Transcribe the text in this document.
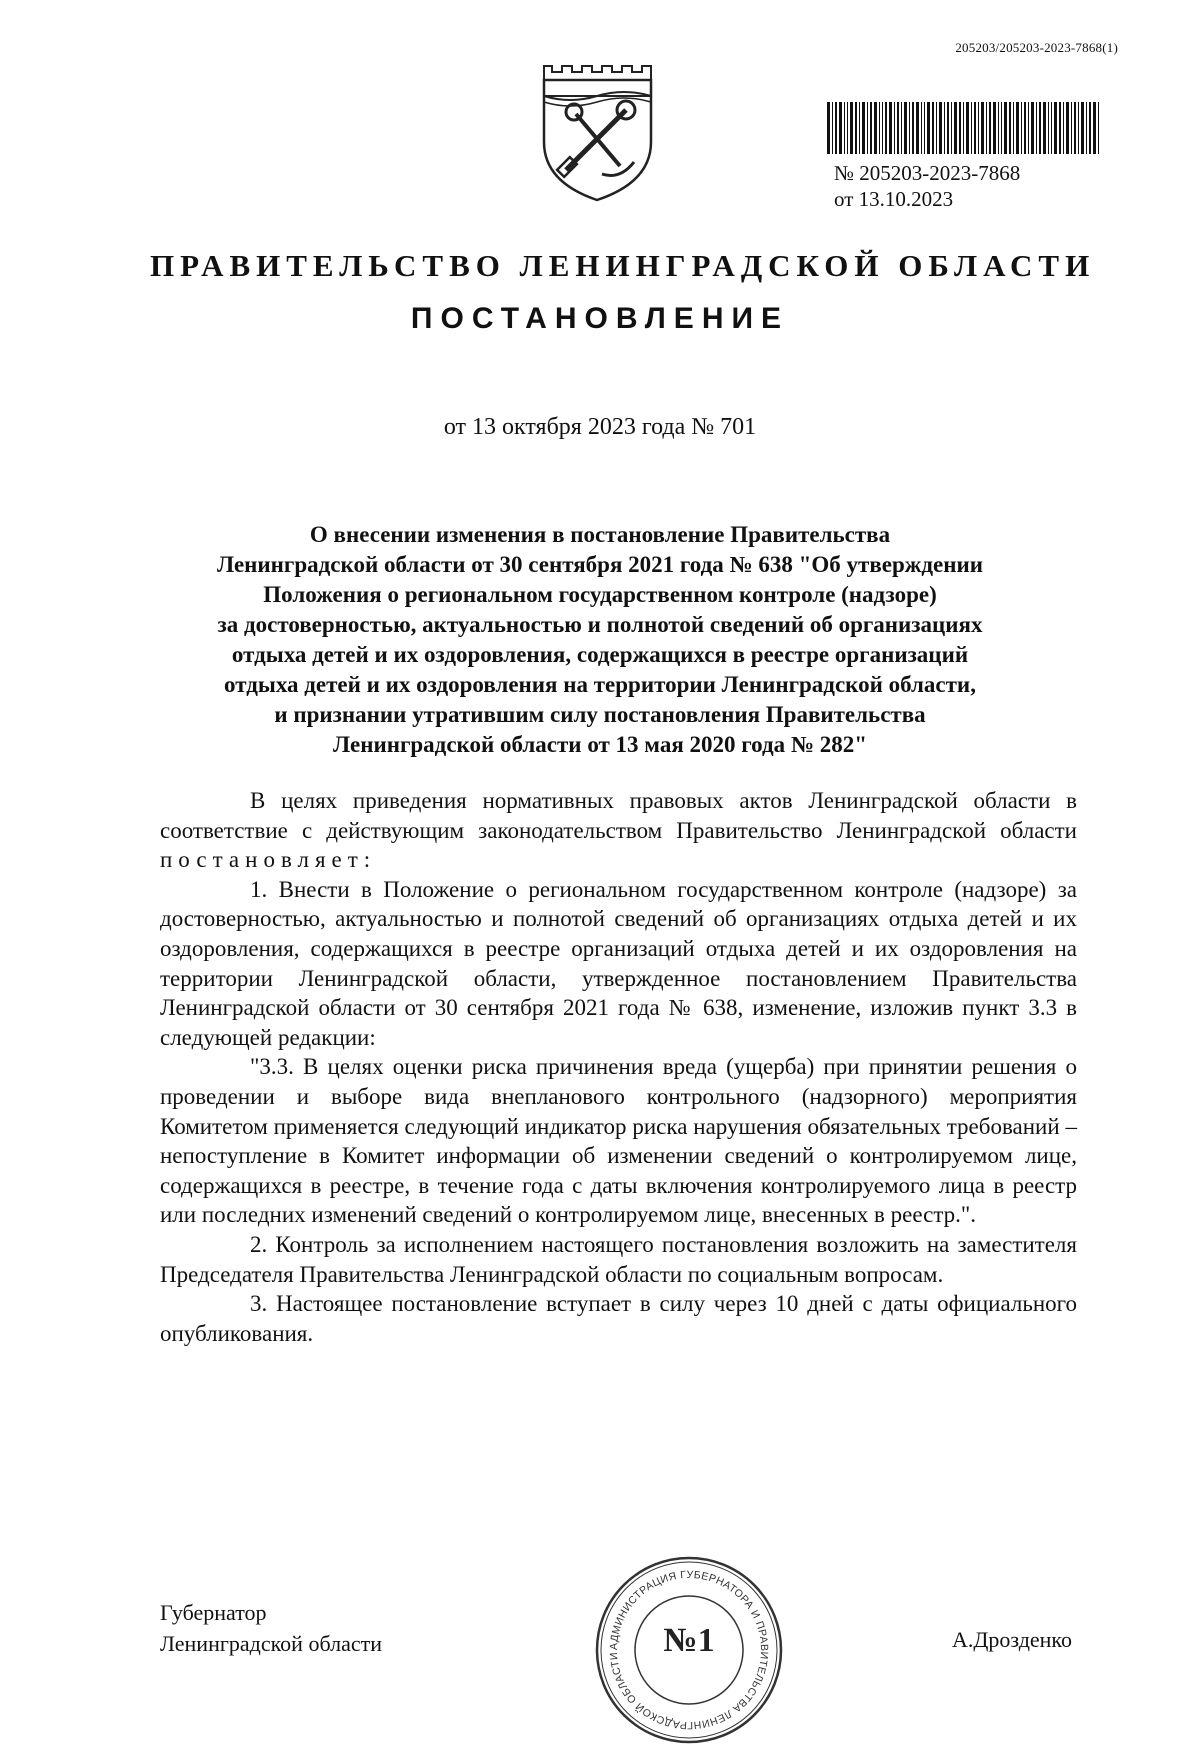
205203/205203-2023-7868(1)
№ 205203-2023-7868
от 13.10.2023
ПРАВИТЕЛЬСТВО ЛЕНИНГРАДСКОЙ ОБЛАСТИ
ПОСТАНОВЛЕНИЕ
от 13 октября 2023 года № 701
О внесении изменения в постановление Правительства
Ленинградской области от 30 сентября 2021 года № 638 "Об утверждении
Положения о региональном государственном контроле (надзоре)
за достоверностью, актуальностью и полнотой сведений об организациях
отдыха детей и их оздоровления, содержащихся в реестре организаций
отдыха детей и их оздоровления на территории Ленинградской области,
и признании утратившим силу постановления Правительства
Ленинградской области от 13 мая 2020 года № 282"

В целях приведения нормативных правовых актов Ленинградской области в соответствие с действующим законодательством Правительство Ленинградской области постановляет:

1. Внести в Положение о региональном государственном контроле (надзоре) за достоверностью, актуальностью и полнотой сведений об организациях отдыха детей и их оздоровления, содержащихся в реестре организаций отдыха детей и их оздоровления на территории Ленинградской области, утвержденное постановлением Правительства Ленинградской области от 30 сентября 2021 года № 638, изменение, изложив пункт 3.3 в следующей редакции:

"3.3. В целях оценки риска причинения вреда (ущерба) при принятии решения о проведении и выборе вида внепланового контрольного (надзорного) мероприятия Комитетом применяется следующий индикатор риска нарушения обязательных требований – непоступление в Комитет информации об изменении сведений о контролируемом лице, содержащихся в реестре, в течение года с даты включения контролируемого лица в реестр или последних изменений сведений о контролируемом лице, внесенных в реестр.".

2. Контроль за исполнением настоящего постановления возложить на заместителя Председателя Правительства Ленинградской области по социальным вопросам.

3. Настоящее постановление вступает в силу через 10 дней с даты официального опубликования.

Губернатор
Ленинградской области	АДМИНИСТРАЦИЯ ГУБЕРНАТОРА И ПРАВИТЕЛЬСТВА ЛЕНИНГРАДСКОЙ ОБЛАСТИ	№1	А.Дрозденко
